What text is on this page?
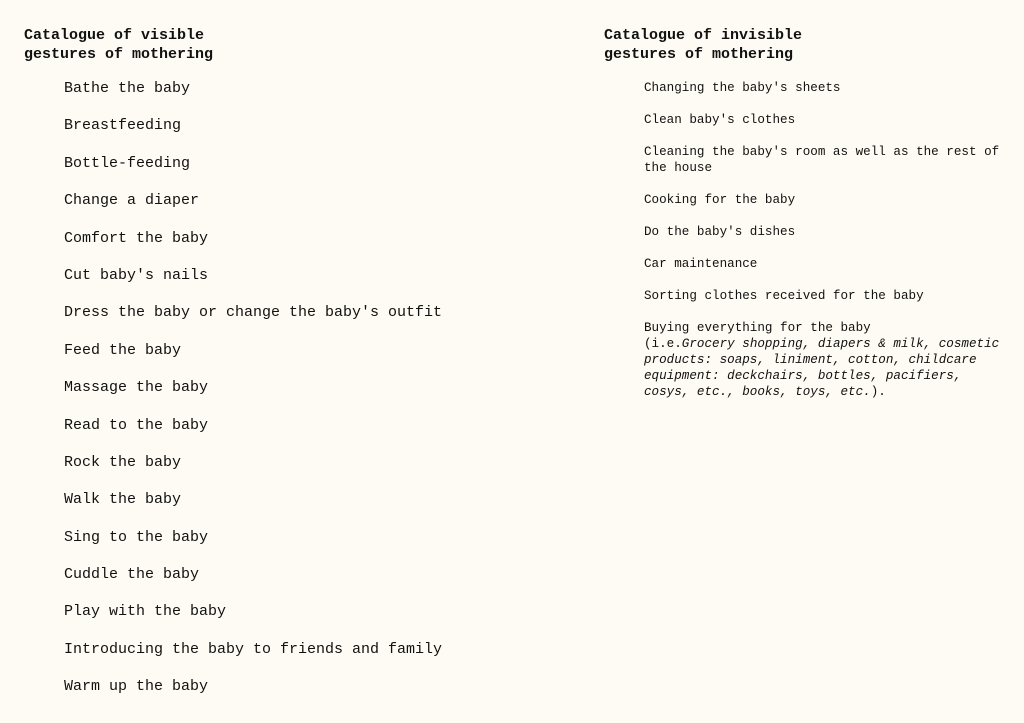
Catalogue of visible
gestures of mothering
Bathe the baby
Breastfeeding
Bottle-feeding
Change a diaper
Comfort the baby
Cut baby's nails
Dress the baby or change the baby's outfit
Feed the baby
Massage the baby
Read to the baby
Rock the baby
Walk the baby
Sing to the baby
Cuddle the baby
Play with the baby
Introducing the baby to friends and family
Warm up the baby
Catalogue of invisible
gestures of mothering
Changing the baby's sheets
Clean baby's clothes
Cleaning the baby's room as well as the rest of the house
Cooking for the baby
Do the baby's dishes
Car maintenance
Sorting clothes received for the baby
Buying everything for the baby
(i.e.Grocery shopping, diapers & milk, cosmetic products: soaps, liniment, cotton, childcare equipment: deckchairs, bottles, pacifiers, cosys, etc., books, toys, etc.).
